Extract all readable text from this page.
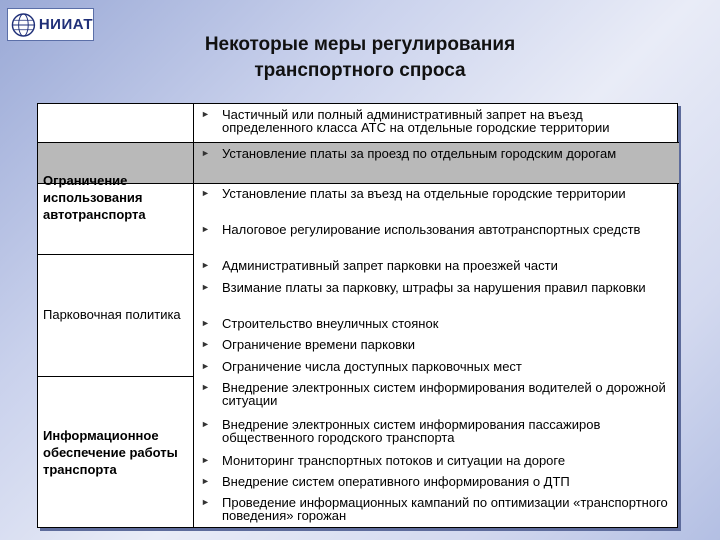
НИИАТ
Некоторые меры регулирования
транспортного спроса
Ограничение использования автотранспорта
Парковочная политика
Информационное обеспечение работы транспорта
► Частичный или полный административный запрет на въезд определенного класса АТС на отдельные городские территории
► Установление платы за проезд по отдельным городским дорогам
► Установление платы за въезд на отдельные городские территории
► Налоговое регулирование использования автотранспортных средств
► Административный запрет парковки на проезжей части
► Взимание платы за парковку, штрафы за нарушения правил парковки
► Строительство внеуличных стоянок
► Ограничение времени парковки
► Ограничение числа доступных парковочных мест
► Внедрение электронных систем информирования водителей о дорожной ситуации
► Внедрение электронных систем информирования пассажиров общественного городского транспорта
► Мониторинг транспортных потоков и ситуации на дороге
► Внедрение систем оперативного информирования о ДТП
► Проведение информационных кампаний по оптимизации «транспортного поведения» горожан
